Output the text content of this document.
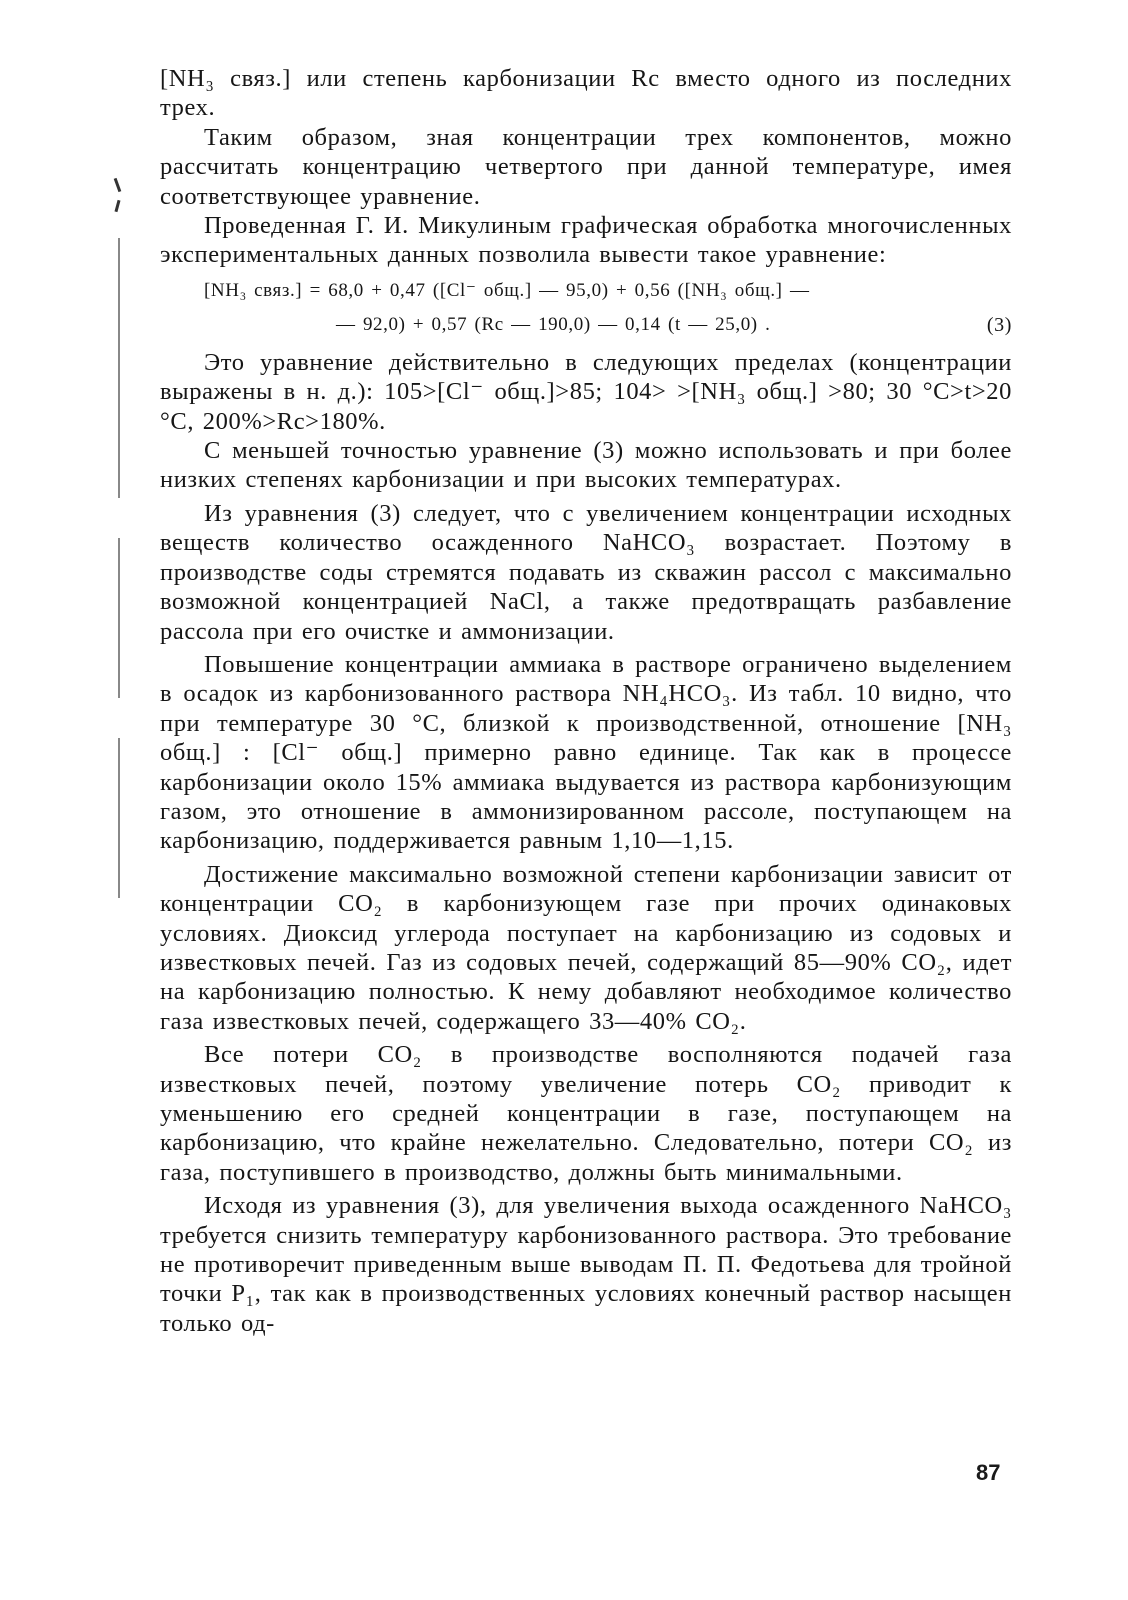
[NH₃ связ.] или степень карбонизации Rc вместо одного из последних трех.

Таким образом, зная концентрации трех компонентов, можно рассчитать концентрацию четвертого при данной температуре, имея соответствующее уравнение.

Проведенная Г. И. Микулиным графическая обработка многочисленных экспериментальных данных позволила вывести такое уравнение:

[NH₃ связ.] = 68,0 + 0,47 ([Cl⁻ общ.] — 95,0) + 0,56 ([NH₃ общ.] —
— 92,0) + 0,57 (Rc — 190,0) — 0,14 (t — 25,0) .	(3)

Это уравнение действительно в следующих пределах (концентрации выражены в н. д.): 105>[Cl⁻ общ.]>85; 104> >[NH₃ общ.] >80; 30 °C>t>20 °C, 200%>Rc>180%.

С меньшей точностью уравнение (3) можно использовать и при более низких степенях карбонизации и при высоких температурах.

Из уравнения (3) следует, что с увеличением концентрации исходных веществ количество осажденного NaHCO₃ возрастает. Поэтому в производстве соды стремятся подавать из скважин рассол с максимально возможной концентрацией NaCl, а также предотвращать разбавление рассола при его очистке и аммонизации.

Повышение концентрации аммиака в растворе ограничено выделением в осадок из карбонизованного раствора NH₄HCO₃. Из табл. 10 видно, что при температуре 30 °C, близкой к производственной, отношение [NH₃ общ.] : [Cl⁻ общ.] примерно равно единице. Так как в процессе карбонизации около 15% аммиака выдувается из раствора карбонизующим газом, это отношение в аммонизированном рассоле, поступающем на карбонизацию, поддерживается равным 1,10—1,15.

Достижение максимально возможной степени карбонизации зависит от концентрации CO₂ в карбонизующем газе при прочих одинаковых условиях. Диоксид углерода поступает на карбонизацию из содовых и известковых печей. Газ из содовых печей, содержащий 85—90% CO₂, идет на карбонизацию полностью. К нему добавляют необходимое количество газа известковых печей, содержащего 33—40% CO₂.

Все потери CO₂ в производстве восполняются подачей газа известковых печей, поэтому увеличение потерь CO₂ приводит к уменьшению его средней концентрации в газе, поступающем на карбонизацию, что крайне нежелательно. Следовательно, потери CO₂ из газа, поступившего в производство, должны быть минимальными.

Исходя из уравнения (3), для увеличения выхода осажденного NaHCO₃ требуется снизить температуру карбонизованного раствора. Это требование не противоречит приведенным выше выводам П. П. Федотьева для тройной точки P₁, так как в производственных условиях конечный раствор насыщен только од-

87
